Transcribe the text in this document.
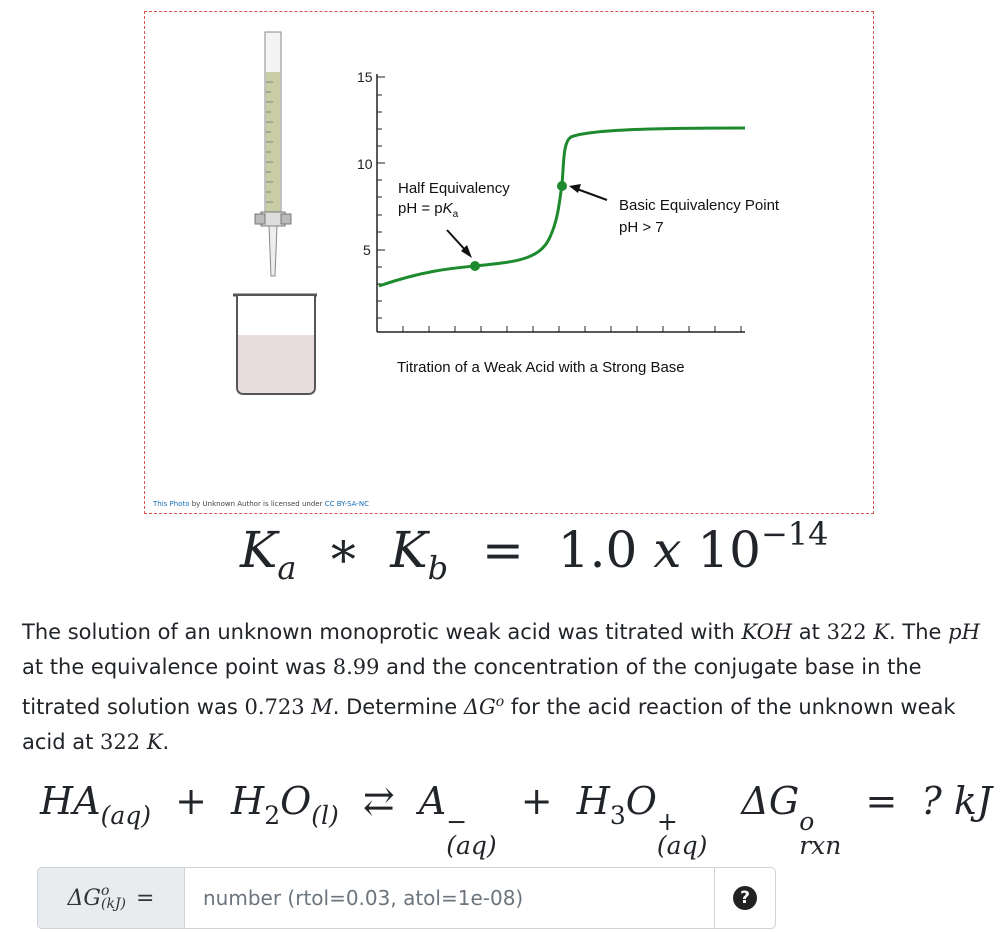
15
10
5
Half Equivalency
pH = $pK_a$
Basic Equivalency Point
pH > 7
Titration of a Weak Acid with a Strong Base
This Photo by Unknown Author is licensed under CC BY-SA-NC
$K_a$ ∗ $K_b = 1.0$ x $10^{-14}$
The solution of an unknown monoprotic weak acid was titrated with KOH at 322 K. The pH at the equivalence point was 8.99 and the concentration of the conjugate base in the titrated solution was 0.723 M. Determine $\Delta G^o$ for the acid reaction of the unknown weak acid at 322 K.
$HA_{(aq)} + H_2O_{(l)}$ ⇄ A −
(aq)
+ $H_3O$ +
(aq)
ΔG o
rxn
= ? kJ
ΔG o
(kJ) =
number (rtol=0.03, atol=1e-08)	?
